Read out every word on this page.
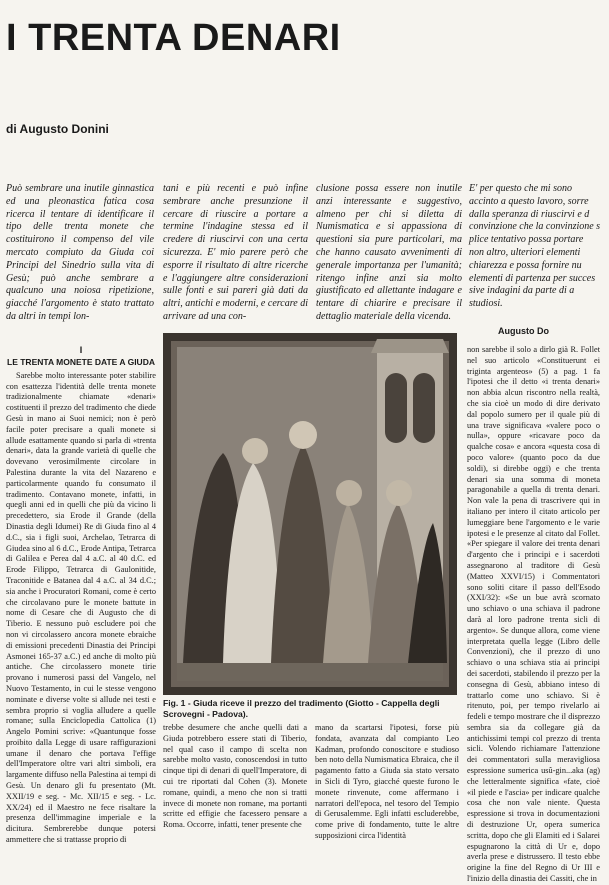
I TRENTA DENARI
di Augusto Donini
Può sembrare una inutile ginnastica ed una pleonastica fatica cosa ricerca il tentare di identificare il tipo delle trenta monete che costituirono il compenso del vile mercato compiuto da Giuda coi Principi del Sinedrio sulla vita di Gesù; può anche sembrare a qualcuno una noiosa ripetizione, giacché l'argomento è stato trattato da altri in tempi lon-
tani e più recenti e può infine sembrare anche presunzione il cercare di riuscire a portare a termine l'indagine stessa ed il credere di riuscirvi con una certa sicurezza. E' mio parere però che esporre il risultato di altre ricerche e l'aggiungere altre considerazioni sulle fonti e sui pareri già dati da altri, antichi e moderni, e cercare di arrivare ad una con-
clusione possa essere non inutile anzi interessante e suggestivo, almeno per chi si diletta di Numismatica e si appassiona di questioni sia pure particolari, ma che hanno causato avvenimenti di generale importanza per l'umanità; ritengo infine anzi sia molto giustificato ed allettante indagare e tentare di chiarire e precisare il dettaglio materiale della vicenda.
E' per questo che mi sono
accinto a questo lavoro, sorre
dalla speranza di riuscirvi e d
convinzione che la convinzione s
plice tentativo possa portare
non altro, ulteriori elementi
chiarezza e possa fornire nu
elementi di partenza per succes
sive indagini da parte di a
studiosi.
Augusto Do
I
LE TRENTA MONETE DATE A GIUDA

Sarebbe molto interessante poter stabilire con esattezza l'identità delle trenta monete tradizionalmente chiamate «denari» costituenti il prezzo del tradimento che diede Gesù in mano ai Suoi nemici; non è però facile poter precisare a quali monete si allude esattamente quando si parla di «trenta denari», data la grande varietà di quelle che dovevano verosimilmente circolare in Palestina durante la vita del Nazareno e particolarmente quando fu consumato il tradimento. Contavano monete, infatti, in quegli anni ed in quelli che più da vicino li precedettero, sia Erode il Grande (della Dinastia degli Idumei) Re di Giuda fino al 4 d.C., sia i figli suoi, Archelao, Tetrarca di Giudea sino al 6 d.C., Erode Antipa, Tetrarca di Galilea e Perea dal 4 a.C. al 40 d.C. ed Erode Filippo, Tetrarca di Gaulonitide, Traconitide e Batanea dal 4 a.C. al 34 d.C.; sia anche i Procuratori Romani, come è certo che circolavano pure le monete battute in nome di Cesare che di Augusto che di Tiberio. E nessuno può escludere poi che non vi circolassero ancora monete ebraiche di emissioni precedenti Dinastia dei Principi Asmonei 165-37 a.C.) ed anche di molto più antiche. Che circolassero monete tirie provano i numerosi passi del Vangelo, nel Nuovo Testamento, in cui le stesse vengono nominate e diverse volte si allude nei testi e sembra proprio si voglia alludere a quelle romane; sulla Enciclopedia Cattolica (1) Angelo Pomini scrive: «Quantunque fosse proibito dalla Legge di usare raffigurazioni umane il denaro che portava l'effige dell'Imperatore oltre vari altri simboli, era largamente diffuso nella Palestina ai tempi di Gesù. Un denaro gli fu presentato (Mt. XXII/19 e seg. - Mc. XII/15 e seg. - Lc. XX/24) ed il Maestro ne fece risaltare la presenza dell'immagine imperiale e la dicitura. Sembrerebbe dunque potersi ammettere che si trattasse proprio di

Fig. 1 - Giuda riceve il prezzo del tradimento (Giotto - Cappella degli Scrovegni - Padova).

trebbe desumere che anche quelli dati a Giuda potrebbero essere stati di Tiberio, nel qual caso il campo di scelta non sarebbe molto vasto, conoscendosi in tutto cinque tipi di denari di quell'Imperatore, di cui tre riportati dal Cohen (3). Monete romane, quindi, a meno che non si tratti invece di monete non romane, ma portanti scritte ed effigie che facessero pensare a Roma. Occorre, infatti, tener presente che

mano da scartarsi l'ipotesi, forse più fondata, avanzata dal compianto Leo Kadman, profondo conoscitore e studioso ben noto della Numismatica Ebraica, che il pagamento fatto a Giuda sia stato versato in Sicli di Tyro, giacché queste furono le monete rinvenute, come affermano i narratori dell'epoca, nel tesoro del Tempio di Gerusalemme. Egli infatti escluderebbe, come prive di fondamento, tutte le altre supposizioni circa l'identità

non sarebbe il solo a dirlo già R. Follet nel suo articolo «Constituerunt ei triginta argenteos» (5) a pag. 1 fa l'ipotesi che il detto «i trenta denari» non abbia alcun riscontro nella realtà, che sia cioè un modo di dire derivato dal popolo sumero per il quale più di una trave significava «valere poco o nulla», oppure «ricavare poco da qualche cosa» e ancora «questa cosa di poco valore» (quanto poco da due soldi), si direbbe oggi) e che trenta denari sia una somma di moneta paragonabile a quella di trenta denari. Non vale la pena di trascrivere qui in italiano per intero il citato articolo per lumeggiare bene l'argomento e le varie ipotesi e le presenze al citato dal Follet. «Per spiegare il valore dei trenta denari d'argento che i principi e i sacerdoti assegnarono al traditore di Gesù (Matteo XXVI/15) i Commentatori sono soliti citare il passo dell'Esodo (XXI/32): «Se un bue avrà scornato uno schiavo o una schiava il padrone darà al loro padrone trenta sicli di argento». Se dunque allora, come viene interpretata quella legge (Libro delle Convenzioni), che il prezzo di uno schiavo o una schiava stia ai principi dei sacerdoti, stabilendo il prezzo per la consegna di Gesù, abbiano inteso di trattarlo come uno schiavo. Si è ritenuto, poi, per tempo rivelarlo ai fedeli e tempo mostrare che il disprezzo sembra sia da collegare già da antichissimi tempi col prezzo di trenta sicli. Volendo richiamare l'attenzione dei commentatori sulla meravigliosa espressione sumerica usû-gin...aka (ag) che letteralmente significa «fate, cioè «il piede e l'ascia» per indicare qualche cosa che non vale niente. Questa espressione si trova in documentazioni di destruzione Ur, opera sumerica scritta, dopo che gli Elamiti ed i Salarei espugnarono la città di Ur e, dopo averla prese e distrussero. Il testo ebbe origine la fine del Regno di Ur III e l'inizio della dinastia dei Cassiti, che in
